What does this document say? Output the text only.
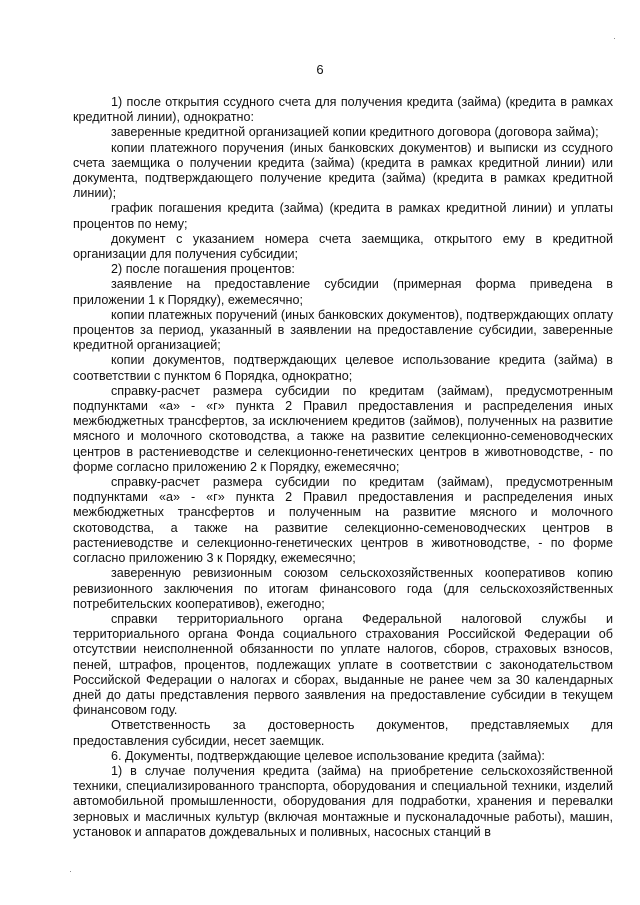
6

1) после открытия ссудного счета для получения кредита (займа) (кредита в рамках кредитной линии), однократно:

заверенные кредитной организацией копии кредитного договора (договора займа);

копии платежного поручения (иных банковских документов) и выписки из ссудного счета заемщика о получении кредита (займа) (кредита в рамках кредитной линии) или документа, подтверждающего получение кредита (займа) (кредита в рамках кредитной линии);

график погашения кредита (займа) (кредита в рамках кредитной линии) и уплаты процентов по нему;

документ с указанием номера счета заемщика, открытого ему в кредитной организации для получения субсидии;

2) после погашения процентов:

заявление на предоставление субсидии (примерная форма приведена в приложении 1 к Порядку), ежемесячно;

копии платежных поручений (иных банковских документов), подтверждающих оплату процентов за период, указанный в заявлении на предоставление субсидии, заверенные кредитной организацией;

копии документов, подтверждающих целевое использование кредита (займа) в соответствии с пунктом 6 Порядка, однократно;

справку-расчет размера субсидии по кредитам (займам), предусмотренным подпунктами «а» - «г» пункта 2 Правил предоставления и распределения иных межбюджетных трансфертов, за исключением кредитов (займов), полученных на развитие мясного и молочного скотоводства, а также на развитие селекционно-семеноводческих центров в растениеводстве и селекционно-генетических центров в животноводстве, - по форме согласно приложению 2 к Порядку, ежемесячно;

справку-расчет размера субсидии по кредитам (займам), предусмотренным подпунктами «а» - «г» пункта 2 Правил предоставления и распределения иных межбюджетных трансфертов и полученным на развитие мясного и молочного скотоводства, а также на развитие селекционно-семеноводческих центров в растениеводстве и селекционно-генетических центров в животноводстве, - по форме согласно приложению 3 к Порядку, ежемесячно;

заверенную ревизионным союзом сельскохозяйственных кооперативов копию ревизионного заключения по итогам финансового года (для сельскохозяйственных потребительских кооперативов), ежегодно;

справки территориального органа Федеральной налоговой службы и территориального органа Фонда социального страхования Российской Федерации об отсутствии неисполненной обязанности по уплате налогов, сборов, страховых взносов, пеней, штрафов, процентов, подлежащих уплате в соответствии с законодательством Российской Федерации о налогах и сборах, выданные не ранее чем за 30 календарных дней до даты представления первого заявления на предоставление субсидии в текущем финансовом году.

Ответственность за достоверность документов, представляемых для предоставления субсидии, несет заемщик.

6. Документы, подтверждающие целевое использование кредита (займа):

1) в случае получения кредита (займа) на приобретение сельскохозяйственной техники, специализированного транспорта, оборудования и специальной техники, изделий автомобильной промышленности, оборудования для подработки, хранения и перевалки зерновых и масличных культур (включая монтажные и пусконаладочные работы), машин, установок и аппаратов дождевальных и поливных, насосных станций в

·
·
